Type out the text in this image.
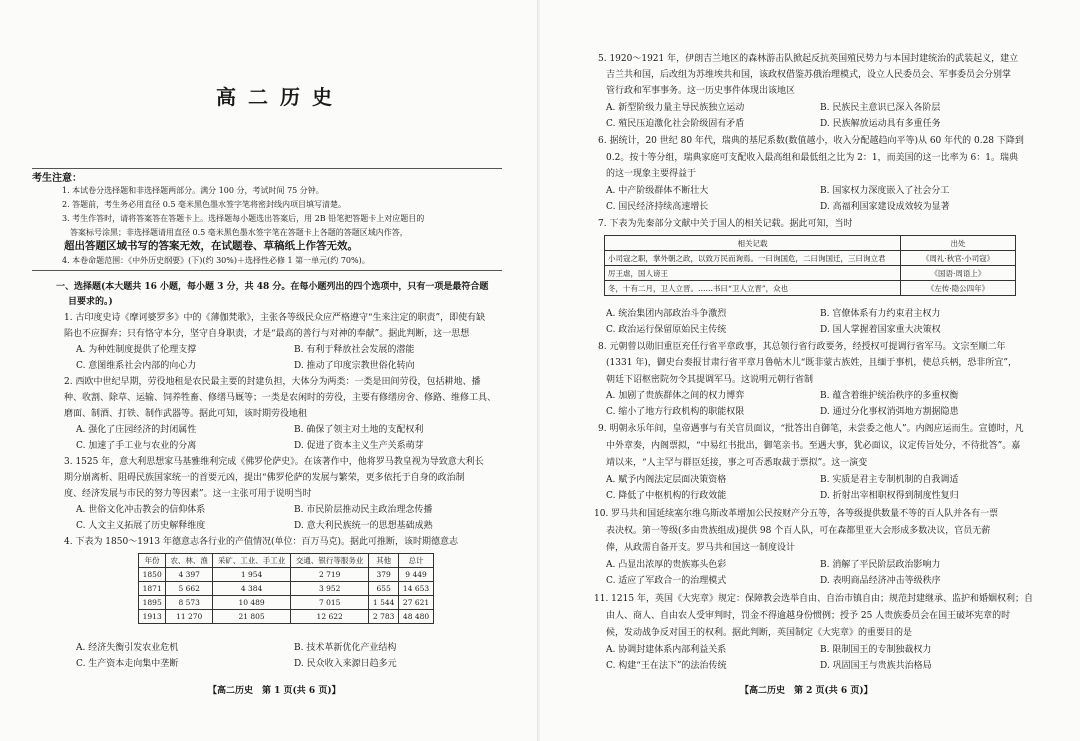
高二历史
考生注意：
1. 本试卷分选择题和非选择题两部分。满分 100 分，考试时间 75 分钟。
2. 答题前，考生务必用直径 0.5 毫米黑色墨水签字笔将密封线内项目填写清楚。
3. 考生作答时，请将答案答在答题卡上。选择题每小题选出答案后，用 2B 铅笔把答题卡上对应题目的
答案标号涂黑；非选择题请用直径 0.5 毫米黑色墨水签字笔在答题卡上各题的答题区域内作答，
超出答题区域书写的答案无效，在试题卷、草稿纸上作答无效。
4. 本卷命题范围：《中外历史纲要》(下)(约 30%)＋选择性必修 1 第一单元(约 70%)。
一、选择题(本大题共 16 小题，每小题 3 分，共 48 分。在每小题列出的四个选项中，只有一项是最符合题
目要求的。)
1. 古印度史诗《摩诃婆罗多》中的《薄伽梵歌》，主张各等级民众应严格遵守“生来注定的职责”，即使有缺
陷也不应摒弃；只有恪守本分，坚守自身职责，才是“最高的善行与对神的奉献”。据此判断，这一思想
A. 为种姓制度提供了伦理支撑	B. 有利于释放社会发展的潜能
C. 意图维系社会内部的向心力	D. 推动了印度宗教世俗化转向
2. 西欧中世纪早期，劳役地租是农民最主要的封建负担，大体分为两类：一类是田间劳役，包括耕地、播
种、收割、除草、运输、饲养牲畜、修缮马厩等；一类是农闲时的劳役，主要有修缮房舍、修路、维修工具、
磨面、制酒、打铁、制作武器等。据此可知，该时期劳役地租
A. 强化了庄园经济的封闭属性	B. 确保了领主对土地的支配权利
C. 加速了手工业与农业的分离	D. 促进了资本主义生产关系萌芽
3. 1525 年，意大利思想家马基雅维利完成《佛罗伦萨史》。在该著作中，他将罗马教皇视为导致意大利长
期分崩离析、阻碍民族国家统一的首要元凶，提出“佛罗伦萨的发展与繁荣，更多依托于自身的政治制
度、经济发展与市民的努力等因素”。这一主张可用于说明当时
A. 世俗文化冲击教会的信仰体系	B. 市民阶层推动民主政治理念传播
C. 人文主义拓展了历史解释维度	D. 意大利民族统一的思想基础成熟
4. 下表为 1850～1913 年德意志各行业的产值情况(单位：百万马克)。据此可推断，该时期德意志
年份	农、林、渔	采矿、工业、手工业	交通、银行等服务业	其他	总计
1850	4 397	1 954	2 719	379	9 449
1871	5 662	4 384	3 952	655	14 653
1895	8 573	10 489	7 015	1 544	27 621
1913	11 270	21 805	12 622	2 783	48 480
A. 经济失衡引发农业危机	B. 技术革新优化产业结构
C. 生产资本走向集中垄断	D. 民众收入来源日趋多元
【高二历史　第 1 页(共 6 页)】
5. 1920～1921 年，伊朗吉兰地区的森林游击队掀起反抗英国殖民势力与本国封建统治的武装起义，建立
吉兰共和国，后改组为苏维埃共和国，该政权借鉴苏俄治理模式，设立人民委员会、军事委员会分别掌
管行政和军事事务。这一历史事件体现出该地区
A. 新型阶级力量主导民族独立运动	B. 民族民主意识已深入各阶层
C. 殖民压迫激化社会阶级固有矛盾	D. 民族解放运动具有多重任务
6. 据统计，20 世纪 80 年代，瑞典的基尼系数(数值越小，收入分配越趋向平等)从 60 年代的 0.28 下降到
0.2。按十等分组，瑞典家庭可支配收入最高组和最低组之比为 2：1，而美国的这一比率为 6：1。瑞典
的这一现象主要得益于
A. 中产阶级群体不断壮大	B. 国家权力深度嵌入了社会分工
C. 国民经济持续高速增长	D. 高福利国家建设成效较为显著
7. 下表为先秦部分文献中关于国人的相关记载。据此可知，当时
相关记载	出处
小司寇之职，掌外朝之政，以致万民而询焉。一曰询国危，二曰询国迁，三曰询立君	《周礼·秋官·小司寇》
厉王虐，国人谤王	《国语·周语上》
冬，十有二月，卫人立晋。……书曰“卫人立晋”，众也	《左传·隐公四年》
A. 统治集团内部政治斗争激烈	B. 官僚体系有力约束君主权力
C. 政治运行保留原始民主传统	D. 国人掌握着国家重大决策权
8. 元朝曾以勋旧重臣充任行省平章政事，其总领行省行政要务，经授权可提调行省军马。文宗至顺二年
(1331 年)，御史台奏报甘肃行省平章月鲁帖木儿“既非蒙古族姓，且缅于事机，使总兵柄，恐非所宜”，
朝廷下诏枢密院勿令其提调军马。这说明元朝行省制
A. 加剧了贵族群体之间的权力博弈	B. 蕴含着维护统治秩序的多重权衡
C. 缩小了地方行政机构的职能权限	D. 通过分化事权消弭地方割据隐患
9. 明朝永乐年间，皇帝遇事与有关官员面议，“批答出自御笔，未尝委之他人”。内阁应运而生。宣德时，凡
中外章奏，内阁票拟，“中易红书批出，御笔亲书。至遇大事，犹必面议，议定传旨处分，不待批答”。嘉
靖以来，“人主罕与群臣廷接，事之可否悉取裁于票拟”。这一演变
A. 赋予内阁法定层面决策资格	B. 实质是君主专制机制的自我调适
C. 降低了中枢机构的行政效能	D. 折射出宰相职权得到制度性复归
10. 罗马共和国延续塞尔维乌斯改革增加公民按财产分五等，各等级提供数量不等的百人队并各有一票
表决权。第一等级(多由贵族组成)提供 98 个百人队，可在森都里亚大会形成多数决议，官员无薪
俸，从政需自备开支。罗马共和国这一制度设计
A. 凸显出浓厚的贵族寡头色彩	B. 消解了平民阶层政治影响力
C. 适应了军政合一的治理模式	D. 表明商品经济冲击等级秩序
11. 1215 年，英国《大宪章》规定：保障教会选举自由、自治市镇自由；规范封建继承、监护和婚姻权利；自
由人、商人、自由农人受审判时，罚金不得逾越身份惯例；授予 25 人贵族委员会在国王破坏宪章的时
候，发动战争反对国王的权利。据此判断，英国制定《大宪章》的重要目的是
A. 协调封建体系内部利益关系	B. 限制国王的专制独裁权力
C. 构建“王在法下”的法治传统	D. 巩固国王与贵族共治格局
【高二历史　第 2 页(共 6 页)】
